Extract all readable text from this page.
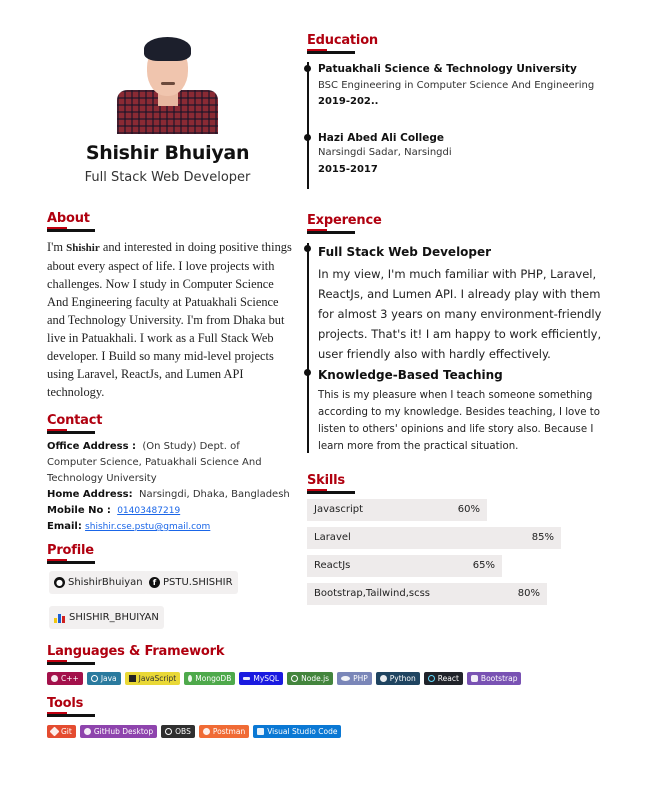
Shishir Bhuiyan
Full Stack Web Developer
About
I'm Shishir and interested in doing positive things about every aspect of life. I love projects with challenges. Now I study in Computer Science And Engineering faculty at Patuakhali Science and Technology University. I'm from Dhaka but live in Patuakhali. I work as a Full Stack Web developer. I Build so many mid-level projects using Laravel, ReactJs, and Lumen API technology.
Contact
Office Address : (On Study) Dept. of Computer Science, Patuakhali Science And Technology University
Home Address: Narsingdi, Dhaka, Bangladesh
Mobile No : 01403487219
Email: shishir.cse.pstu@gmail.com
Profile
● ShishirBhuiyan	f PSTU.SHISHIR
SHISHIR_BHUIYAN
Education
Patuakhali Science & Technology University
BSC Engineering in Computer Science And Engineering
2019-202..
Hazi Abed Ali College
Narsingdi Sadar, Narsingdi
2015-2017
Experence
Full Stack Web Developer
In my view, I'm much familiar with PHP, Laravel, ReactJs, and Lumen API. I already play with them for almost 3 years on many environment-friendly projects. That's it! I am happy to work efficiently, user friendly also with hardly effectively.
Knowledge-Based Teaching
This is my pleasure when I teach someone something according to my knowledge. Besides teaching, I love to listen to others' opinions and life story also. Because I learn more from the practical situation.
Skills
Javascript	60%
Laravel	85%
ReactJs	65%
Bootstrap,Tailwind,scss	80%
Languages & Framework
C++	Java	JavaScript	MongoDB	MySQL	Node.js	PHP	Python	React	Bootstrap
Tools
Git	GitHub Desktop	OBS	Postman	Visual Studio Code
